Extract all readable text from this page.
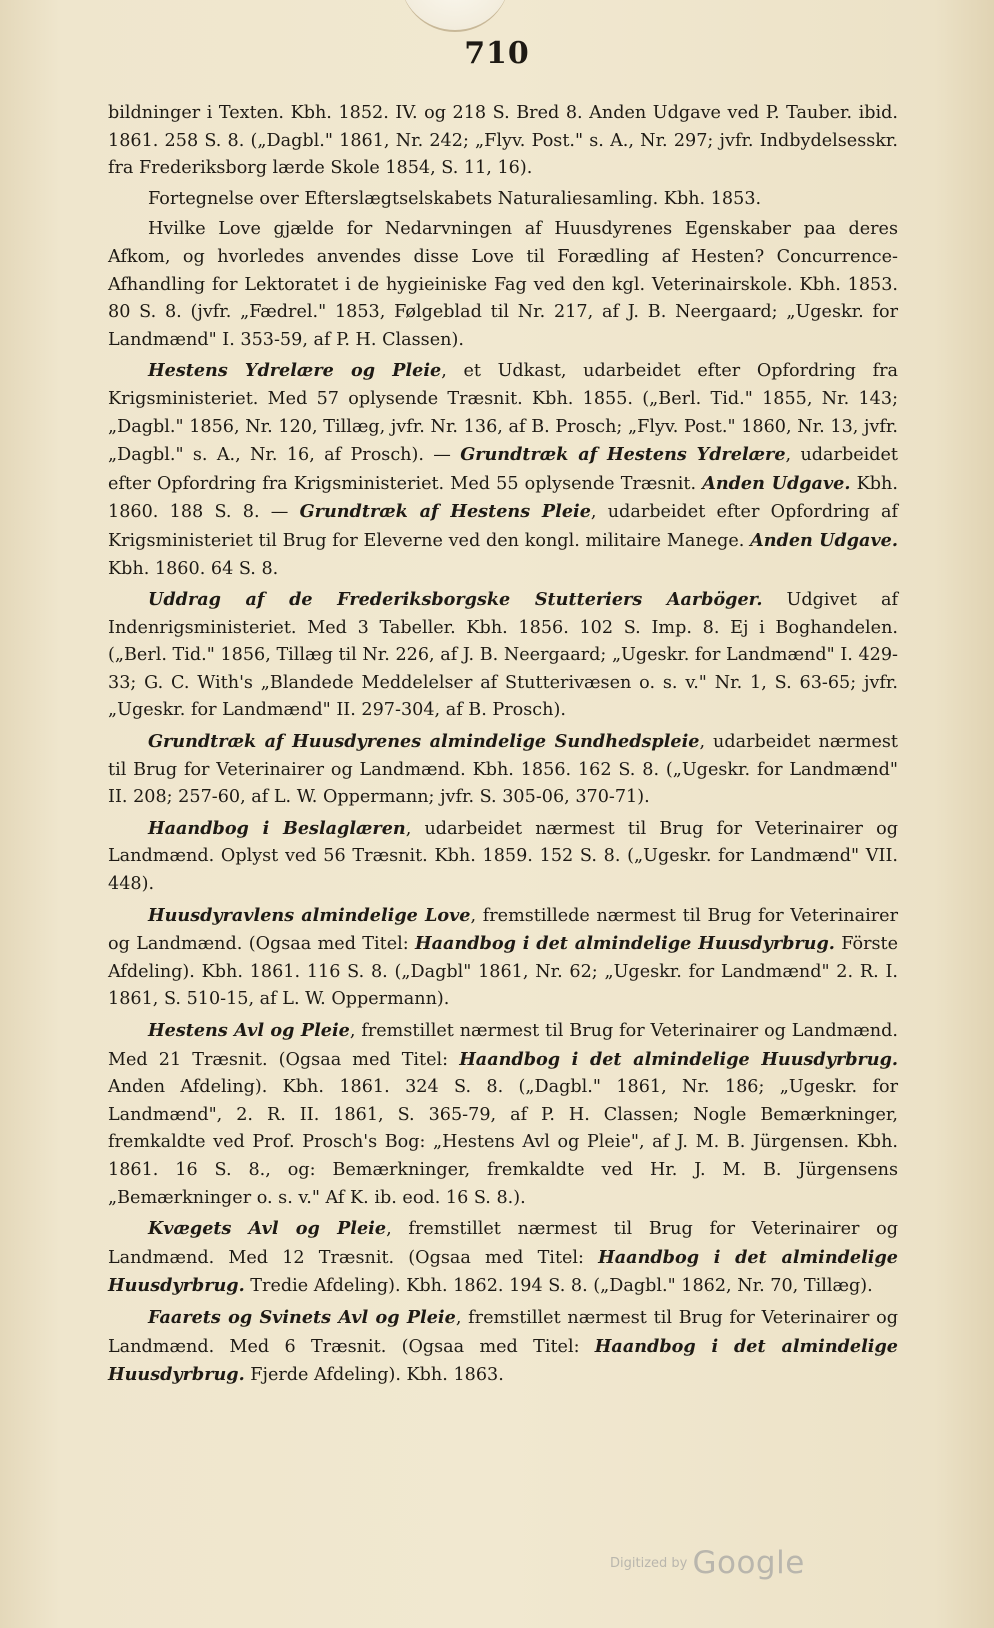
710

bildninger i Texten. Kbh. 1852. IV. og 218 S. Bred 8. Anden Udgave ved P. Tauber. ibid. 1861. 258 S. 8. („Dagbl." 1861, Nr. 242; „Flyv. Post." s. A., Nr. 297; jvfr. Indbydelsesskr. fra Frederiksborg lærde Skole 1854, S. 11, 16).

Fortegnelse over Efterslægtselskabets Naturaliesamling. Kbh. 1853.

Hvilke Love gjælde for Nedarvningen af Huusdyrenes Egenskaber paa deres Afkom, og hvorledes anvendes disse Love til Forædling af Hesten? Concurrence-Afhandling for Lektoratet i de hygieiniske Fag ved den kgl. Veterinairskole. Kbh. 1853. 80 S. 8. (jvfr. „Fædrel." 1853, Følgeblad til Nr. 217, af J. B. Neergaard; „Ugeskr. for Landmænd" I. 353-59, af P. H. Classen).

Hestens Ydrelære og Pleie, et Udkast, udarbeidet efter Opfordring fra Krigsministeriet. Med 57 oplysende Træsnit. Kbh. 1855. („Berl. Tid." 1855, Nr. 143; „Dagbl." 1856, Nr. 120, Tillæg, jvfr. Nr. 136, af B. Prosch; „Flyv. Post." 1860, Nr. 13, jvfr. „Dagbl." s. A., Nr. 16, af Prosch). — Grundtræk af Hestens Ydrelære, udarbeidet efter Opfordring fra Krigsministeriet. Med 55 oplysende Træsnit. Anden Udgave. Kbh. 1860. 188 S. 8. — Grundtræk af Hestens Pleie, udarbeidet efter Opfordring af Krigsministeriet til Brug for Eleverne ved den kongl. militaire Manege. Anden Udgave. Kbh. 1860. 64 S. 8.

Uddrag af de Frederiksborgske Stutteriers Aarböger. Udgivet af Indenrigsministeriet. Med 3 Tabeller. Kbh. 1856. 102 S. Imp. 8. Ej i Boghandelen. („Berl. Tid." 1856, Tillæg til Nr. 226, af J. B. Neergaard; „Ugeskr. for Landmænd" I. 429-33; G. C. With's „Blandede Meddelelser af Stutterivæsen o. s. v." Nr. 1, S. 63-65; jvfr. „Ugeskr. for Landmænd" II. 297-304, af B. Prosch).

Grundtræk af Huusdyrenes almindelige Sundhedspleie, udarbeidet nærmest til Brug for Veterinairer og Landmænd. Kbh. 1856. 162 S. 8. („Ugeskr. for Landmænd" II. 208; 257-60, af L. W. Oppermann; jvfr. S. 305-06, 370-71).

Haandbog i Beslaglæren, udarbeidet nærmest til Brug for Veterinairer og Landmænd. Oplyst ved 56 Træsnit. Kbh. 1859. 152 S. 8. („Ugeskr. for Landmænd" VII. 448).

Huusdyravlens almindelige Love, fremstillede nærmest til Brug for Veterinairer og Landmænd. (Ogsaa med Titel: Haandbog i det almindelige Huusdyrbrug. Förste Afdeling). Kbh. 1861. 116 S. 8. („Dagbl" 1861, Nr. 62; „Ugeskr. for Landmænd" 2. R. I. 1861, S. 510-15, af L. W. Oppermann).

Hestens Avl og Pleie, fremstillet nærmest til Brug for Veterinairer og Landmænd. Med 21 Træsnit. (Ogsaa med Titel: Haandbog i det almindelige Huusdyrbrug. Anden Afdeling). Kbh. 1861. 324 S. 8. („Dagbl." 1861, Nr. 186; „Ugeskr. for Landmænd", 2. R. II. 1861, S. 365-79, af P. H. Classen; Nogle Bemærkninger, fremkaldte ved Prof. Prosch's Bog: „Hestens Avl og Pleie", af J. M. B. Jürgensen. Kbh. 1861. 16 S. 8., og: Bemærkninger, fremkaldte ved Hr. J. M. B. Jürgensens „Bemærkninger o. s. v." Af K. ib. eod. 16 S. 8.).

Kvægets Avl og Pleie, fremstillet nærmest til Brug for Veterinairer og Landmænd. Med 12 Træsnit. (Ogsaa med Titel: Haandbog i det almindelige Huusdyrbrug. Tredie Afdeling). Kbh. 1862. 194 S. 8. („Dagbl." 1862, Nr. 70, Tillæg).

Faarets og Svinets Avl og Pleie, fremstillet nærmest til Brug for Veterinairer og Landmænd. Med 6 Træsnit. (Ogsaa med Titel: Haandbog i det almindelige Huusdyrbrug. Fjerde Afdeling). Kbh. 1863.

$^{Digitized by}$ Google
